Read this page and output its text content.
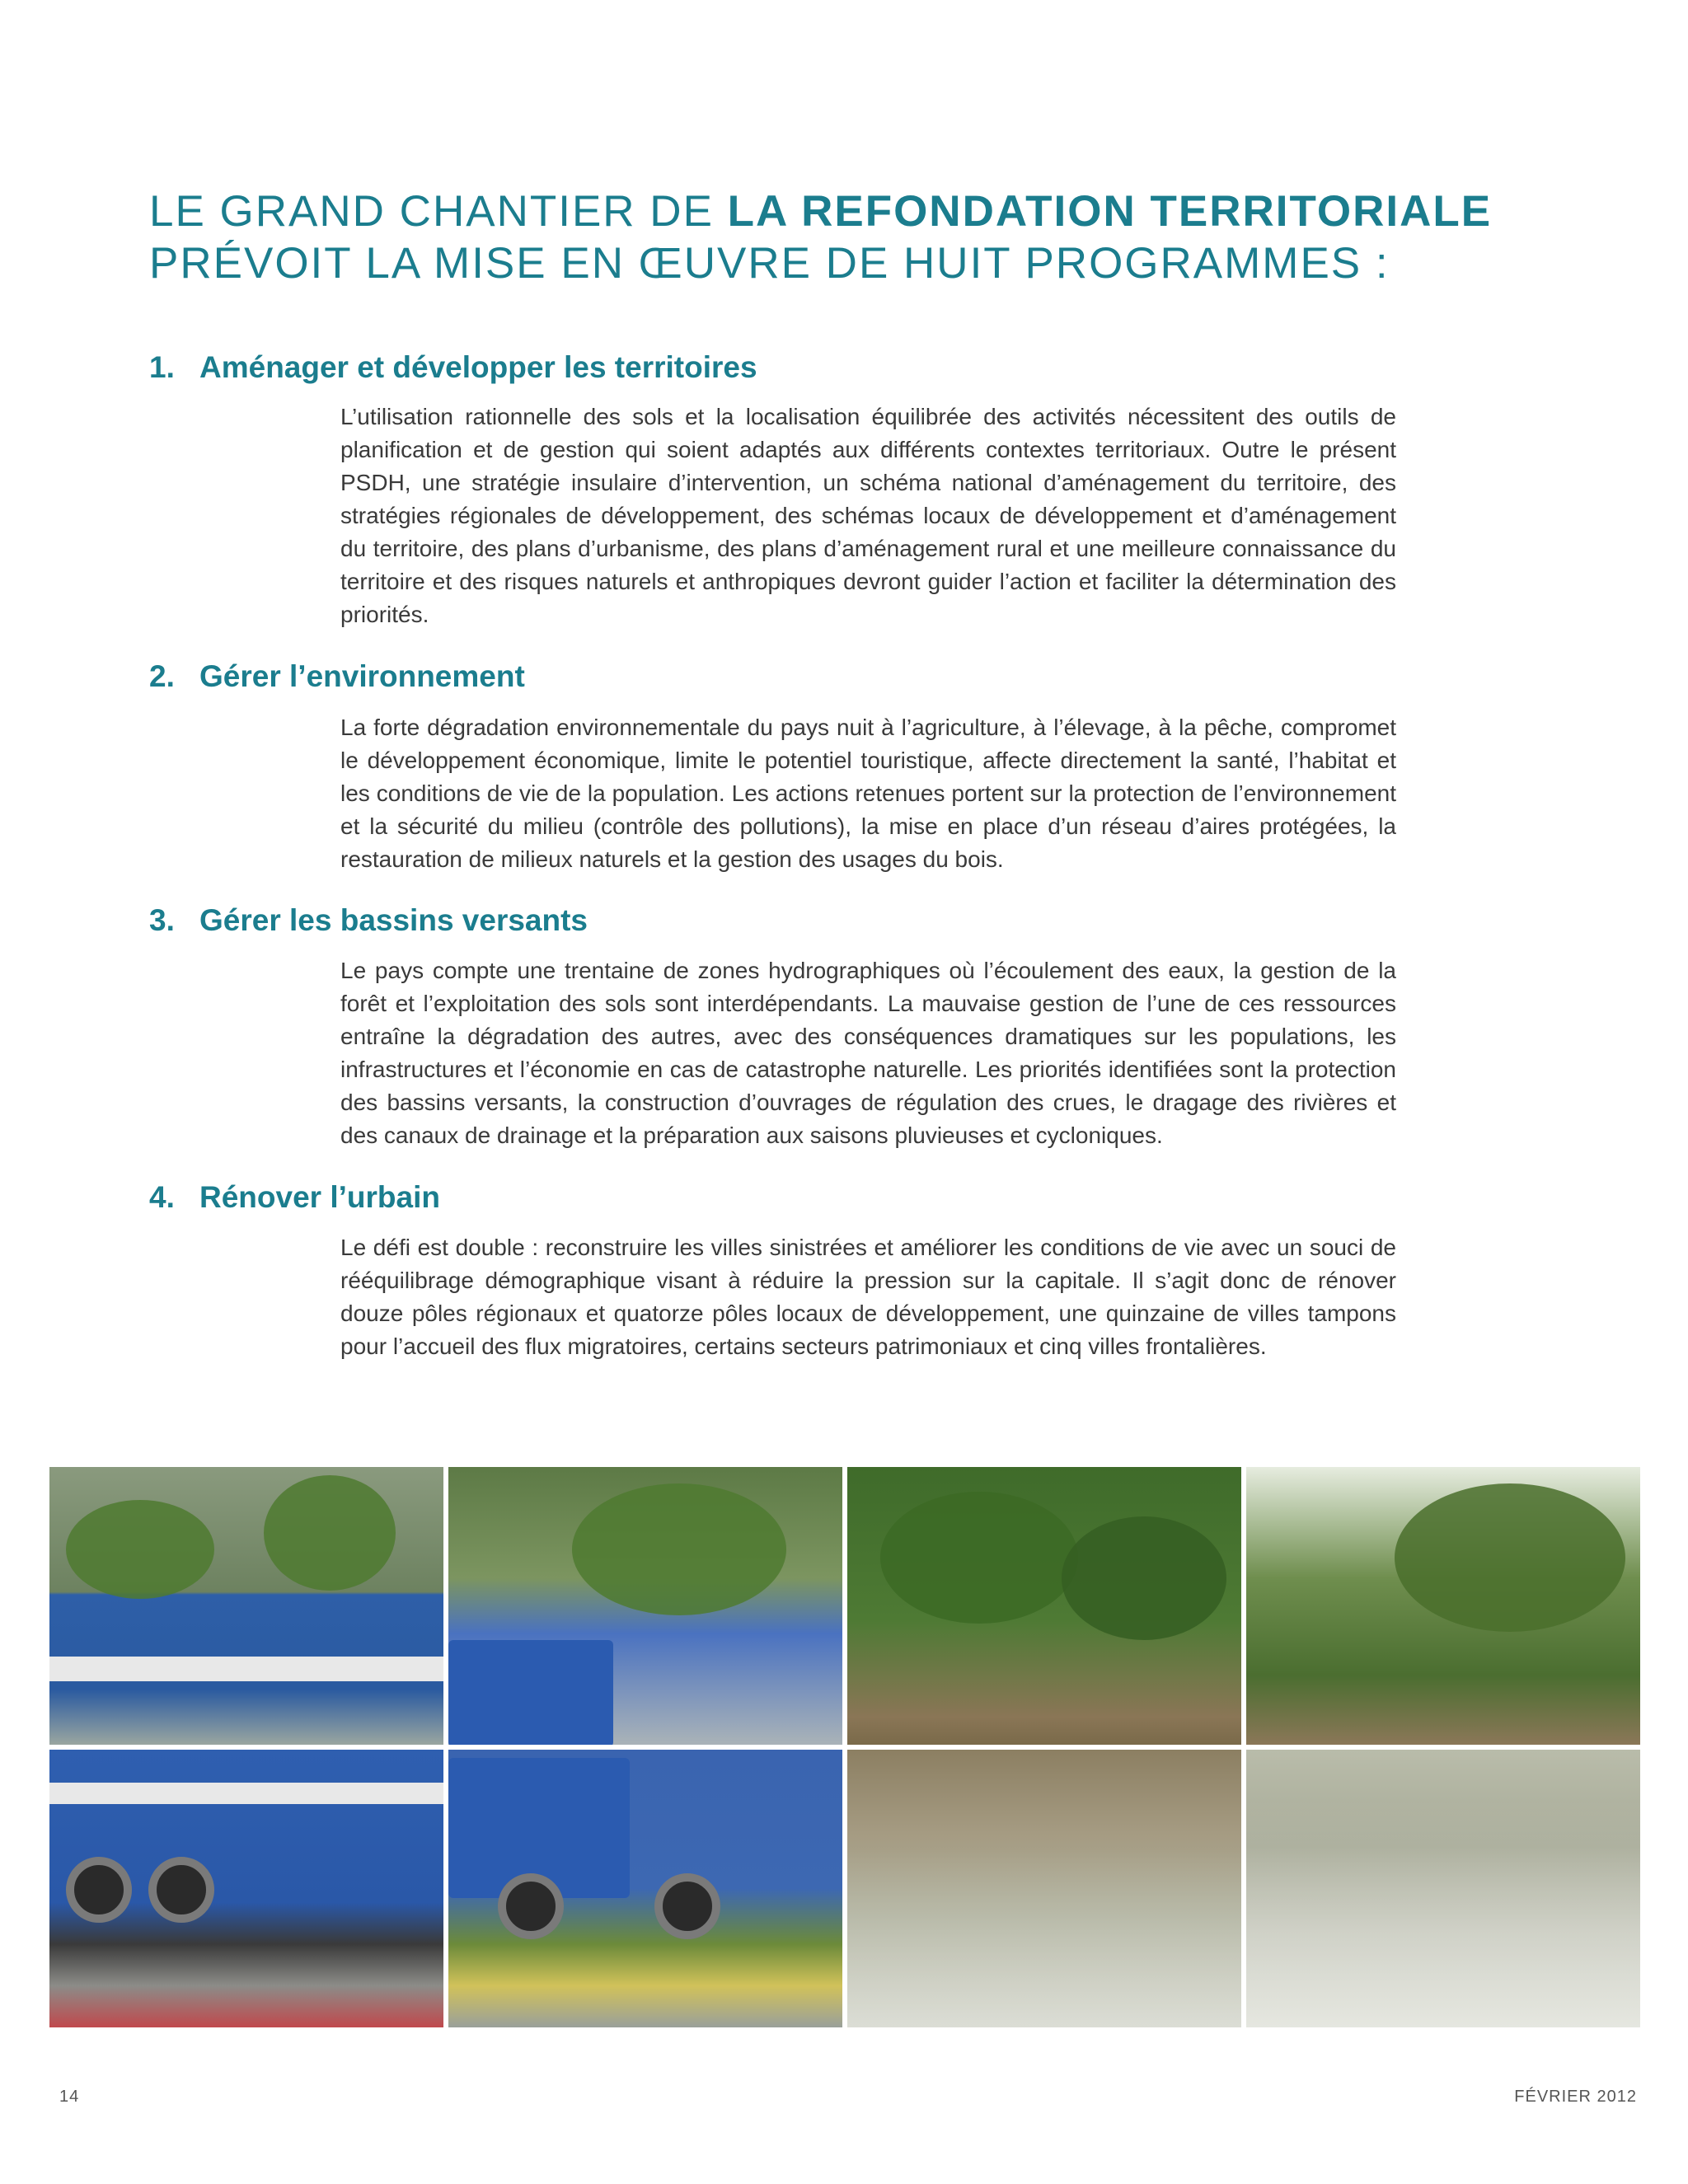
LE GRAND CHANTIER DE LA REFONDATION TERRITORIALE
PRÉVOIT LA MISE EN ŒUVRE DE HUIT PROGRAMMES :
1. Aménager et développer les territoires

L’utilisation rationnelle des sols et la localisation équilibrée des activités nécessitent des outils de planification et de gestion qui soient adaptés aux différents contextes territoriaux. Outre le présent PSDH, une stratégie insulaire d’intervention, un schéma national d’aménagement du territoire, des stratégies régionales de développement, des schémas locaux de développement et d’aménagement du territoire, des plans d’urbanisme, des plans d’aménagement rural et une meilleure connaissance du territoire et des risques naturels et anthropiques devront guider l’action et faciliter la détermination des priorités.

2. Gérer l’environnement

La forte dégradation environnementale du pays nuit à l’agriculture, à l’élevage, à la pêche, compromet le développement économique, limite le potentiel touristique, affecte directement la santé, l’habitat et les conditions de vie de la population. Les actions retenues portent sur la protection de l’environnement et la sécurité du milieu (contrôle des pollutions), la mise en place d’un réseau d’aires protégées, la restauration de milieux naturels et la gestion des usages du bois.

3. Gérer les bassins versants

Le pays compte une trentaine de zones hydrographiques où l’écoulement des eaux, la gestion de la forêt et l’exploitation des sols sont interdépendants. La mauvaise gestion de l’une de ces ressources entraîne la dégradation des autres, avec des conséquences dramatiques sur les populations, les infrastructures et l’économie en cas de catastrophe naturelle. Les priorités identifiées sont la protection des bassins versants, la construction d’ouvrages de régulation des crues, le dragage des rivières et des canaux de drainage et la préparation aux saisons pluvieuses et cycloniques.

4. Rénover l’urbain

Le défi est double : reconstruire les villes sinistrées et améliorer les conditions de vie avec un souci de rééquilibrage démographique visant à réduire la pression sur la capitale. Il s’agit donc de rénover douze pôles régionaux et quatorze pôles locaux de développement, une quinzaine de villes tampons pour l’accueil des flux migratoires, certains secteurs patrimoniaux et cinq villes frontalières.

14	FÉVRIER 2012
